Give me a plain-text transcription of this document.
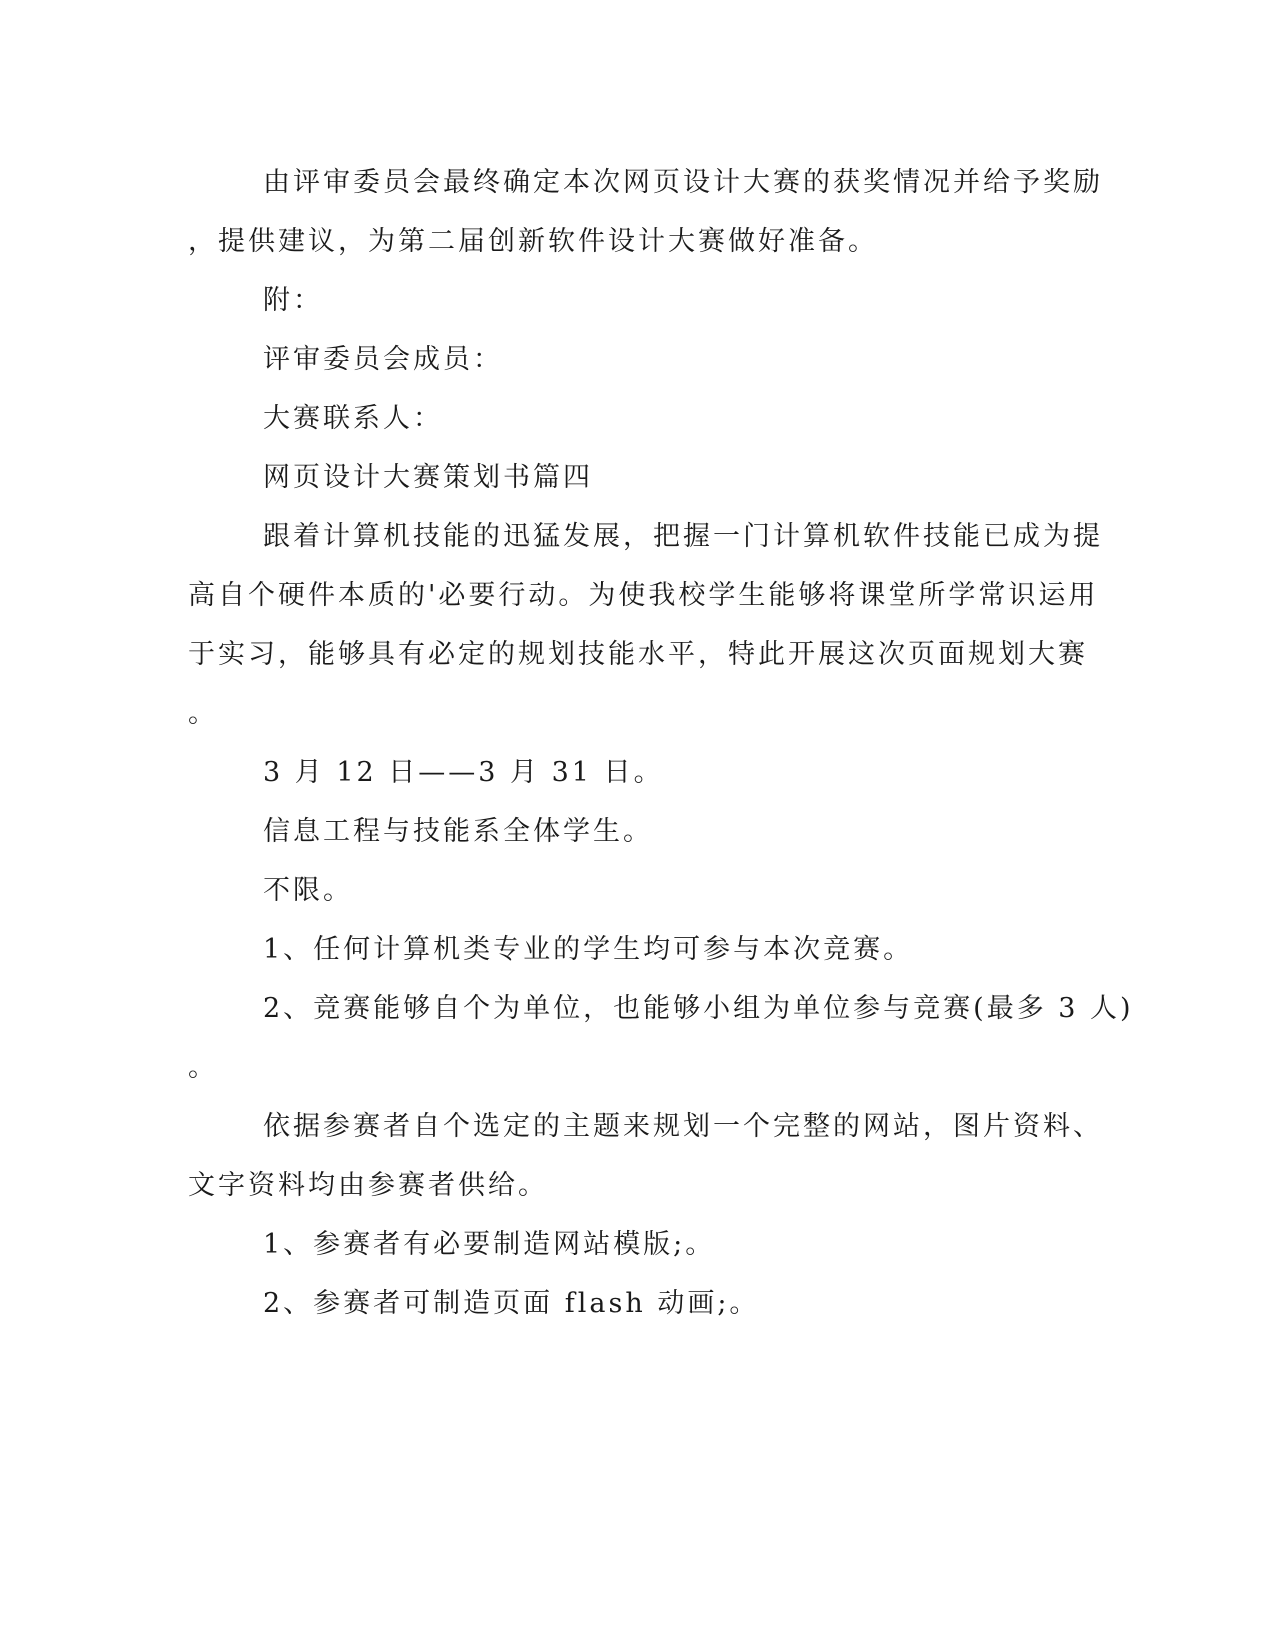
由评审委员会最终确定本次网页设计大赛的获奖情况并给予奖励
，提供建议，为第二届创新软件设计大赛做好准备。
附：
评审委员会成员：
大赛联系人：
网页设计大赛策划书篇四
跟着计算机技能的迅猛发展，把握一门计算机软件技能已成为提
高自个硬件本质的'必要行动。为使我校学生能够将课堂所学常识运用
于实习，能够具有必定的规划技能水平，特此开展这次页面规划大赛
。
3 月 12 日——3 月 31 日。
信息工程与技能系全体学生。
不限。
1、任何计算机类专业的学生均可参与本次竞赛。
2、竞赛能够自个为单位，也能够小组为单位参与竞赛(最多 3 人)
。
依据参赛者自个选定的主题来规划一个完整的网站，图片资料、
文字资料均由参赛者供给。
1、参赛者有必要制造网站模版;。
2、参赛者可制造页面 flash 动画;。
